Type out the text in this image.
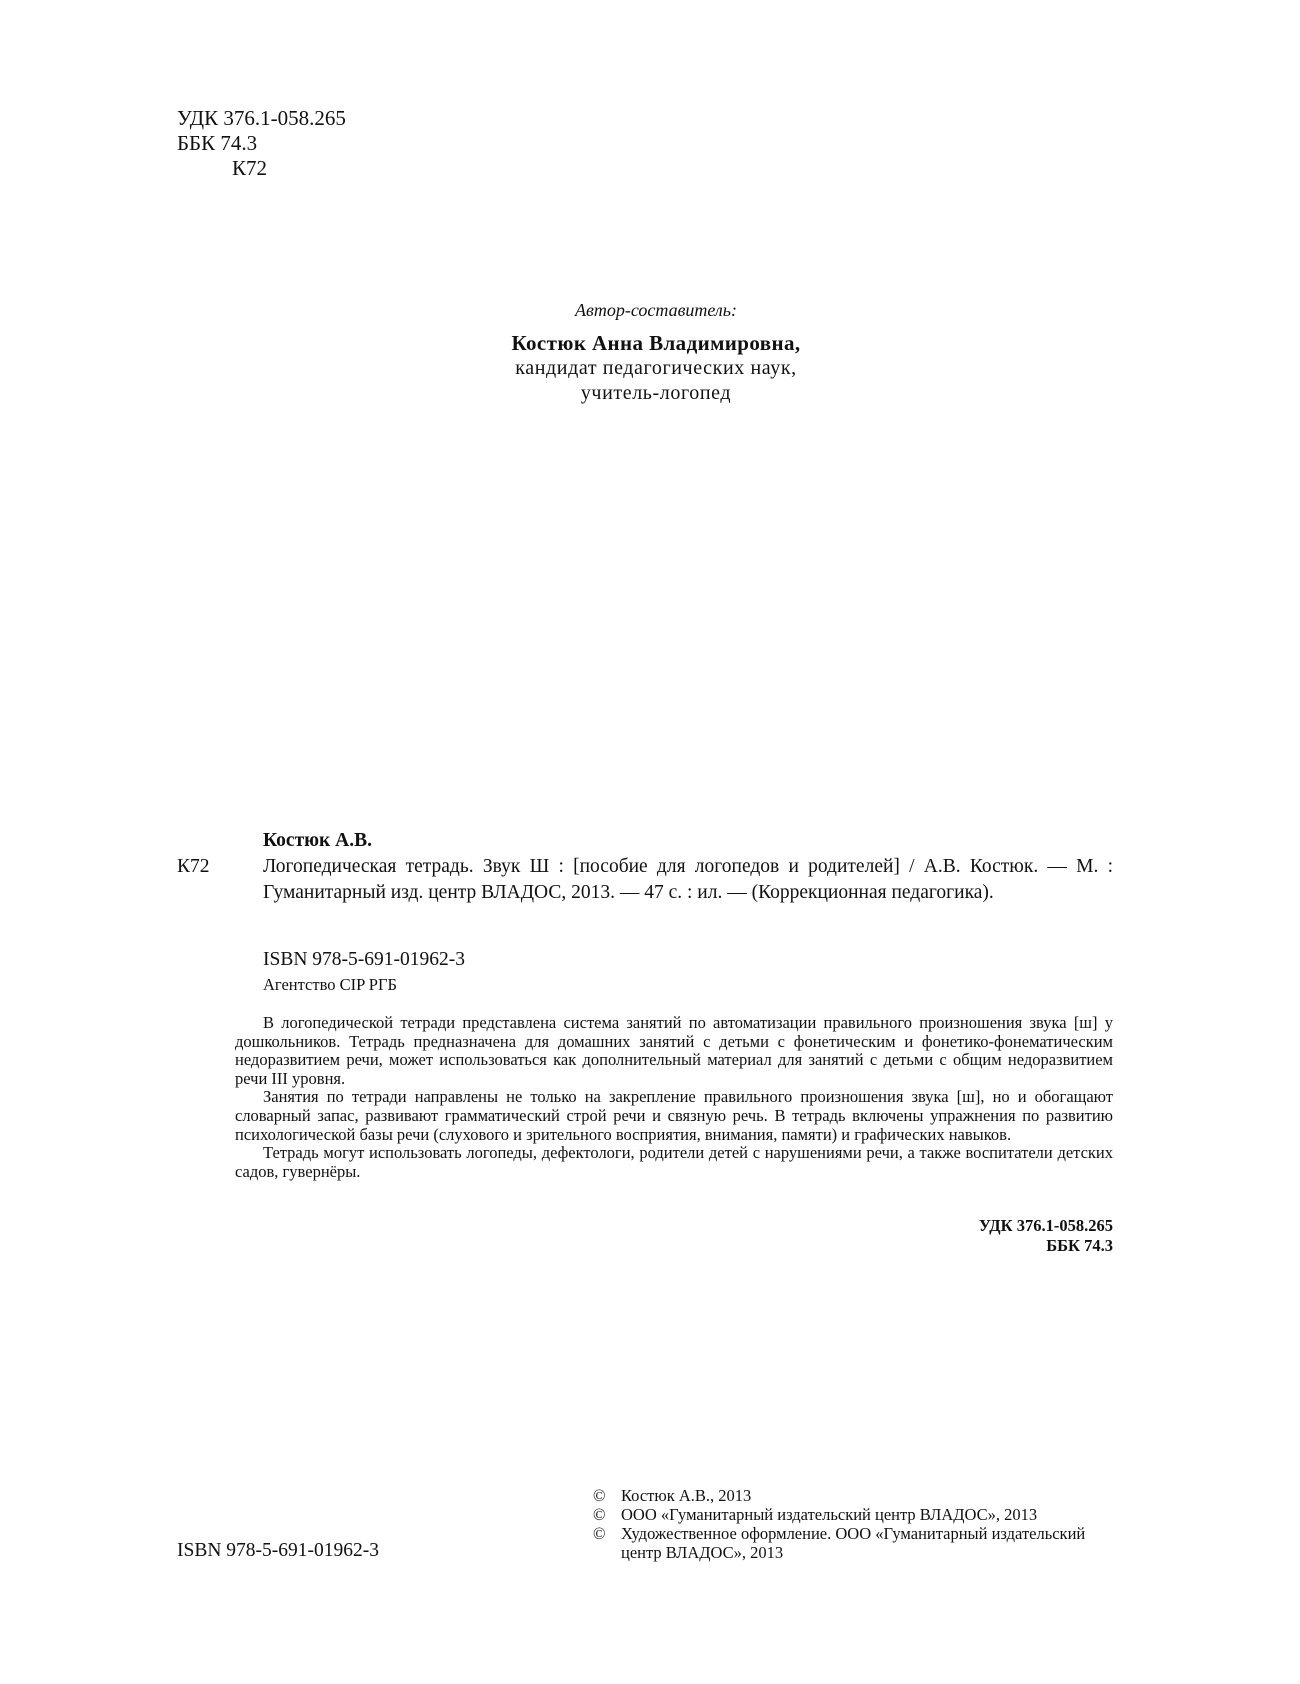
УДК 376.1-058.265
ББК 74.3
К72
Автор-составитель:
Костюк Анна Владимировна,
кандидат педагогических наук,
учитель-логопед
К72
Костюк А.В.
Логопедическая тетрадь. Звук Ш : [пособие для логопедов и родителей] / А.В. Костюк. — М. : Гуманитарный изд. центр ВЛАДОС, 2013. — 47 с. : ил. — (Коррекционная педагогика).
ISBN 978-5-691-01962-3
Агентство CIP РГБ

В логопедической тетради представлена система занятий по автоматизации правильного произношения звука [ш] у дошкольников. Тетрадь предназначена для домашних занятий с детьми с фонетическим и фонетико-фонематическим недоразвитием речи, может использоваться как дополнительный материал для занятий с детьми с общим недоразвитием речи III уровня.

Занятия по тетради направлены не только на закрепление правильного произношения звука [ш], но и обогащают словарный запас, развивают грамматический строй речи и связную речь. В тетрадь включены упражнения по развитию психологической базы речи (слухового и зрительного восприятия, внимания, памяти) и графических навыков.

Тетрадь могут использовать логопеды, дефектологи, родители детей с нарушениями речи, а также воспитатели детских садов, гувернёры.

УДК 376.1-058.265
ББК 74.3
© Костюк А.В., 2013
© ООО «Гуманитарный издательский центр ВЛАДОС», 2013
© Художественное оформление. ООО «Гуманитарный издательский центр ВЛАДОС», 2013
ISBN 978-5-691-01962-3
